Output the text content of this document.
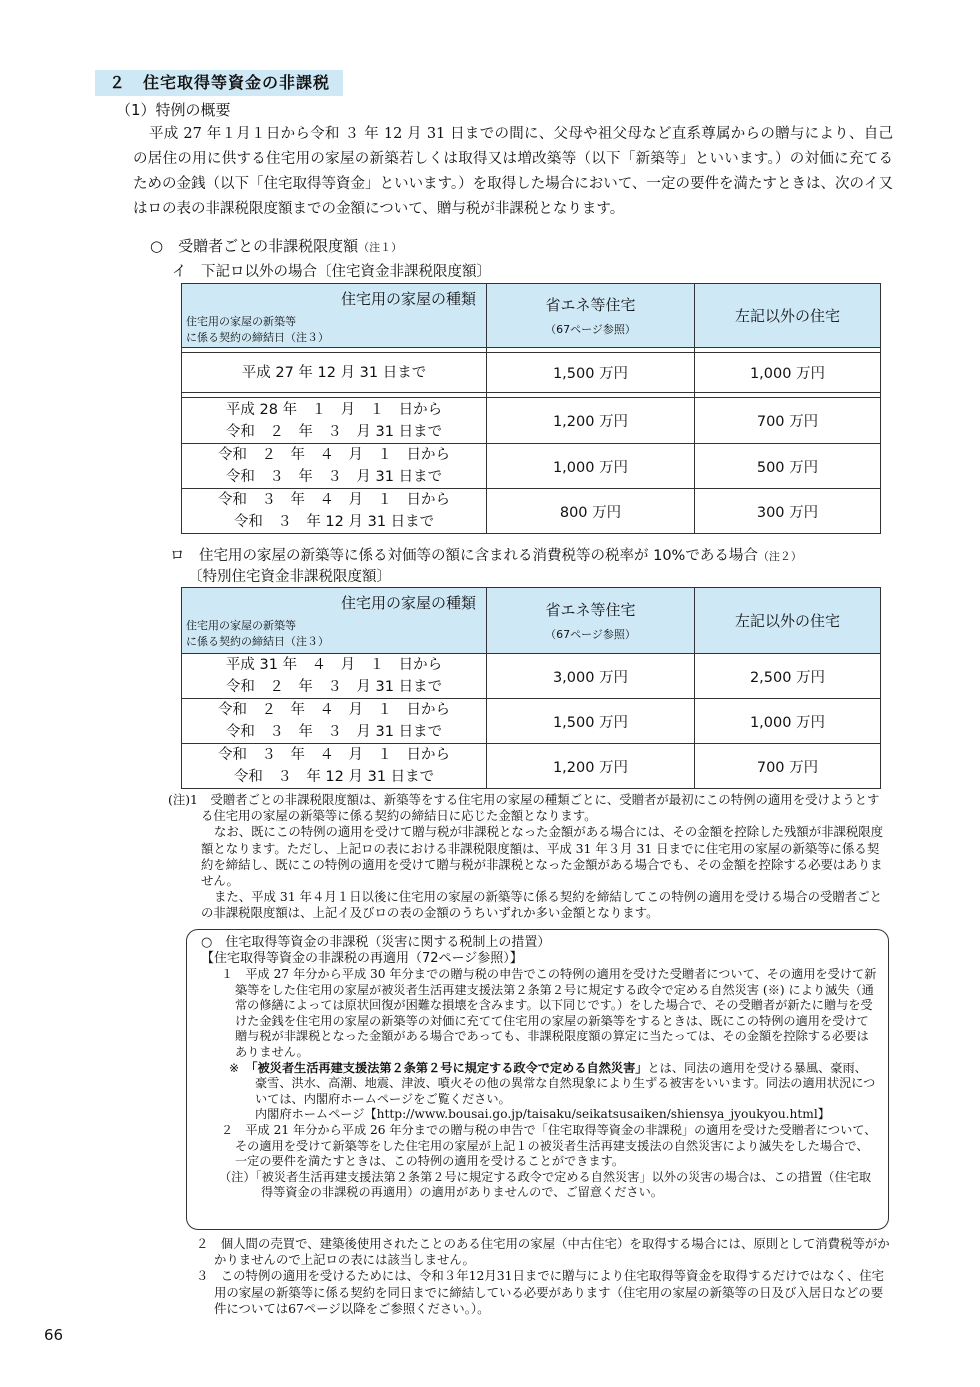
２　住宅取得等資金の非課税
（1）特例の概要

平成 27 年１月１日から令和 ３ 年 12 月 31 日までの間に、父母や祖父母など直系尊属からの贈与により、自己の居住の用に供する住宅用の家屋の新築若しくは取得又は増改築等（以下「新築等」といいます。）の対価に充てるための金銭（以下「住宅取得等資金」といいます。）を取得した場合において、一定の要件を満たすときは、次のイ又はロの表の非課税限度額までの金額について、贈与税が非課税となります。

○　受贈者ごとの非課税限度額（注１）
イ　下記ロ以外の場合〔住宅資金非課税限度額〕
住宅用の家屋の種類
住宅用の家屋の新築等
に係る契約の締結日（注３）	省エネ等住宅
（67ページ参照）	左記以外の住宅

平成 27 年 12 月 31 日まで	1,500 万円	1,000 万円

平成 28 年　１　月　１　日から
令和　２　年　３　月 31 日まで	1,200 万円	700 万円
令和　２　年　４　月　１　日から
令和　３　年　３　月 31 日まで	1,000 万円	500 万円
令和　３　年　４　月　１　日から
令和　３　年 12 月 31 日まで	800 万円	300 万円
ロ　住宅用の家屋の新築等に係る対価等の額に含まれる消費税等の税率が 10%である場合（注２）
〔特別住宅資金非課税限度額〕
住宅用の家屋の種類
住宅用の家屋の新築等
に係る契約の締結日（注３）	省エネ等住宅
（67ページ参照）	左記以外の住宅

平成 31 年　４　月　１　日から
令和　２　年　３　月 31 日まで	3,000 万円	2,500 万円
令和　２　年　４　月　１　日から
令和　３　年　３　月 31 日まで	1,500 万円	1,000 万円
令和　３　年　４　月　１　日から
令和　３　年 12 月 31 日まで	1,200 万円	700 万円

(注)1　受贈者ごとの非課税限度額は、新築等をする住宅用の家屋の種類ごとに、受贈者が最初にこの特例の適用を受けようとする住宅用の家屋の新築等に係る契約の締結日に応じた金額となります。

なお、既にこの特例の適用を受けて贈与税が非課税となった金額がある場合には、その金額を控除した残額が非課税限度額となります。ただし、上記ロの表における非課税限度額は、平成 31 年３月 31 日までに住宅用の家屋の新築等に係る契約を締結し、既にこの特例の適用を受けて贈与税が非課税となった金額がある場合でも、その金額を控除する必要はありません。

また、平成 31 年４月１日以後に住宅用の家屋の新築等に係る契約を締結してこの特例の適用を受ける場合の受贈者ごとの非課税限度額は、上記イ及びロの表の金額のうちいずれか多い金額となります。

○　住宅取得等資金の非課税（災害に関する税制上の措置）

【住宅取得等資金の非課税の再適用（72ページ参照）】

１　平成 27 年分から平成 30 年分までの贈与税の申告でこの特例の適用を受けた受贈者について、その適用を受けて新築等をした住宅用の家屋が被災者生活再建支援法第２条第２号に規定する政令で定める自然災害 (※) により滅失（通常の修繕によっては原状回復が困難な損壊を含みます。以下同じです。）をした場合で、その受贈者が新たに贈与を受けた金銭を住宅用の家屋の新築等の対価に充てて住宅用の家屋の新築等をするときは、既にこの特例の適用を受けて贈与税が非課税となった金額がある場合であっても、非課税限度額の算定に当たっては、その金額を控除する必要はありません。

※　「被災者生活再建支援法第２条第２号に規定する政令で定める自然災害」とは、同法の適用を受ける暴風、豪雨、豪雪、洪水、高潮、地震、津波、噴火その他の異常な自然現象により生ずる被害をいいます。同法の適用状況については、内閣府ホームページをご覧ください。

内閣府ホームページ【http://www.bousai.go.jp/taisaku/seikatsusaiken/shiensya_jyoukyou.html】

２　平成 21 年分から平成 26 年分までの贈与税の申告で「住宅取得等資金の非課税」の適用を受けた受贈者について、その適用を受けて新築等をした住宅用の家屋が上記１の被災者生活再建支援法の自然災害により滅失をした場合で、一定の要件を満たすときは、この特例の適用を受けることができます。

（注）「被災者生活再建支援法第２条第２号に規定する政令で定める自然災害」以外の災害の場合は、この措置（住宅取得等資金の非課税の再適用）の適用がありませんので、ご留意ください。

２　個人間の売買で、建築後使用されたことのある住宅用の家屋（中古住宅）を取得する場合には、原則として消費税等がかかりませんので上記ロの表には該当しません。

３　この特例の適用を受けるためには、令和３年12月31日までに贈与により住宅取得等資金を取得するだけではなく、住宅用の家屋の新築等に係る契約を同日までに締結している必要があります（住宅用の家屋の新築等の日及び入居日などの要件については67ページ以降をご参照ください。）。

66
